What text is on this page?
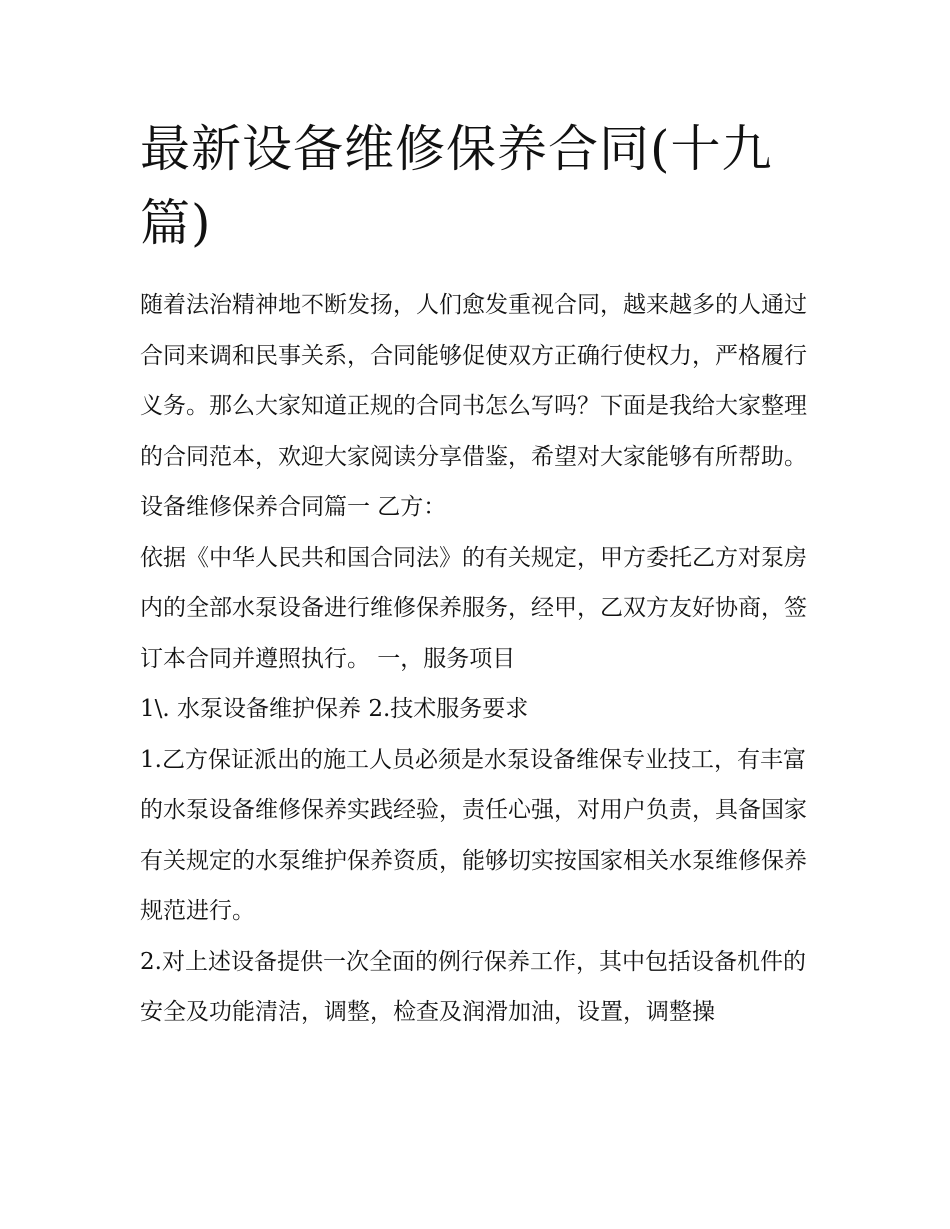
最新设备维修保养合同(十九篇)

随着法治精神地不断发扬，人们愈发重视合同，越来越多的人通过合同来调和民事关系，合同能够促使双方正确行使权力，严格履行义务。那么大家知道正规的合同书怎么写吗？下面是我给大家整理的合同范本，欢迎大家阅读分享借鉴，希望对大家能够有所帮助。

设备维修保养合同篇一 乙方：

依据《中华人民共和国合同法》的有关规定，甲方委托乙方对泵房内的全部水泵设备进行维修保养服务，经甲，乙双方友好协商，签订本合同并遵照执行。 一，服务项目

1\. 水泵设备维护保养 2.技术服务要求

1.乙方保证派出的施工人员必须是水泵设备维保专业技工，有丰富的水泵设备维修保养实践经验，责任心强，对用户负责，具备国家有关规定的水泵维护保养资质，能够切实按国家相关水泵维修保养规范进行。

2.对上述设备提供一次全面的例行保养工作，其中包括设备机件的安全及功能清洁，调整，检查及润滑加油，设置，调整操
